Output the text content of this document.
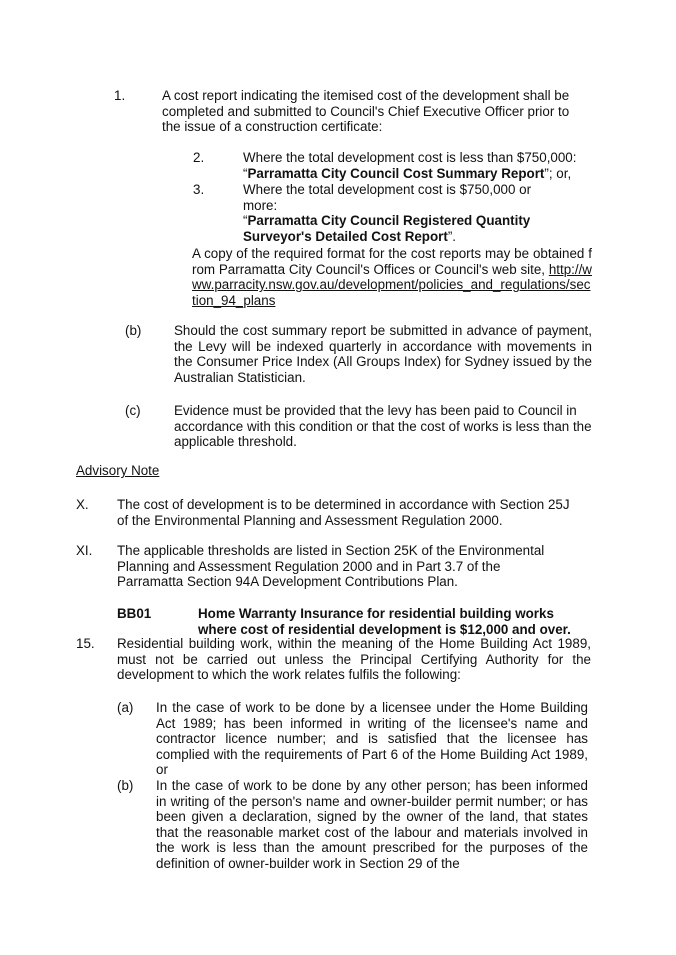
1.	A cost report indicating the itemised cost of the development shall be completed and submitted to Council's Chief Executive Officer prior to the issue of a construction certificate:
2.	Where the total development cost is less than $750,000:
“Parramatta City Council Cost Summary Report”; or,
3.	Where the total development cost is $750,000 or more:
“Parramatta City Council Registered Quantity Surveyor's Detailed Cost Report”.
A copy of the required format for the cost reports may be obtained from Parramatta City Council's Offices or Council's web site, http://www.parracity.nsw.gov.au/development/policies_and_regulations/section_94_plans
(b) Should the cost summary report be submitted in advance of payment, the Levy will be indexed quarterly in accordance with movements in the Consumer Price Index (All Groups Index) for Sydney issued by the Australian Statistician.
(c) Evidence must be provided that the levy has been paid to Council in accordance with this condition or that the cost of works is less than the applicable threshold.
Advisory Note
X. The cost of development is to be determined in accordance with Section 25J of the Environmental Planning and Assessment Regulation 2000.
XI. The applicable thresholds are listed in Section 25K of the Environmental Planning and Assessment Regulation 2000 and in Part 3.7 of the Parramatta Section 94A Development Contributions Plan.
BB01	Home Warranty Insurance for residential building works where cost of residential development is $12,000 and over.
15. Residential building work, within the meaning of the Home Building Act 1989, must not be carried out unless the Principal Certifying Authority for the development to which the work relates fulfils the following:
(a) In the case of work to be done by a licensee under the Home Building Act 1989; has been informed in writing of the licensee's name and contractor licence number; and is satisfied that the licensee has complied with the requirements of Part 6 of the Home Building Act 1989, or
(b) In the case of work to be done by any other person; has been informed in writing of the person's name and owner-builder permit number; or has been given a declaration, signed by the owner of the land, that states that the reasonable market cost of the labour and materials involved in the work is less than the amount prescribed for the purposes of the definition of owner-builder work in Section 29 of the
